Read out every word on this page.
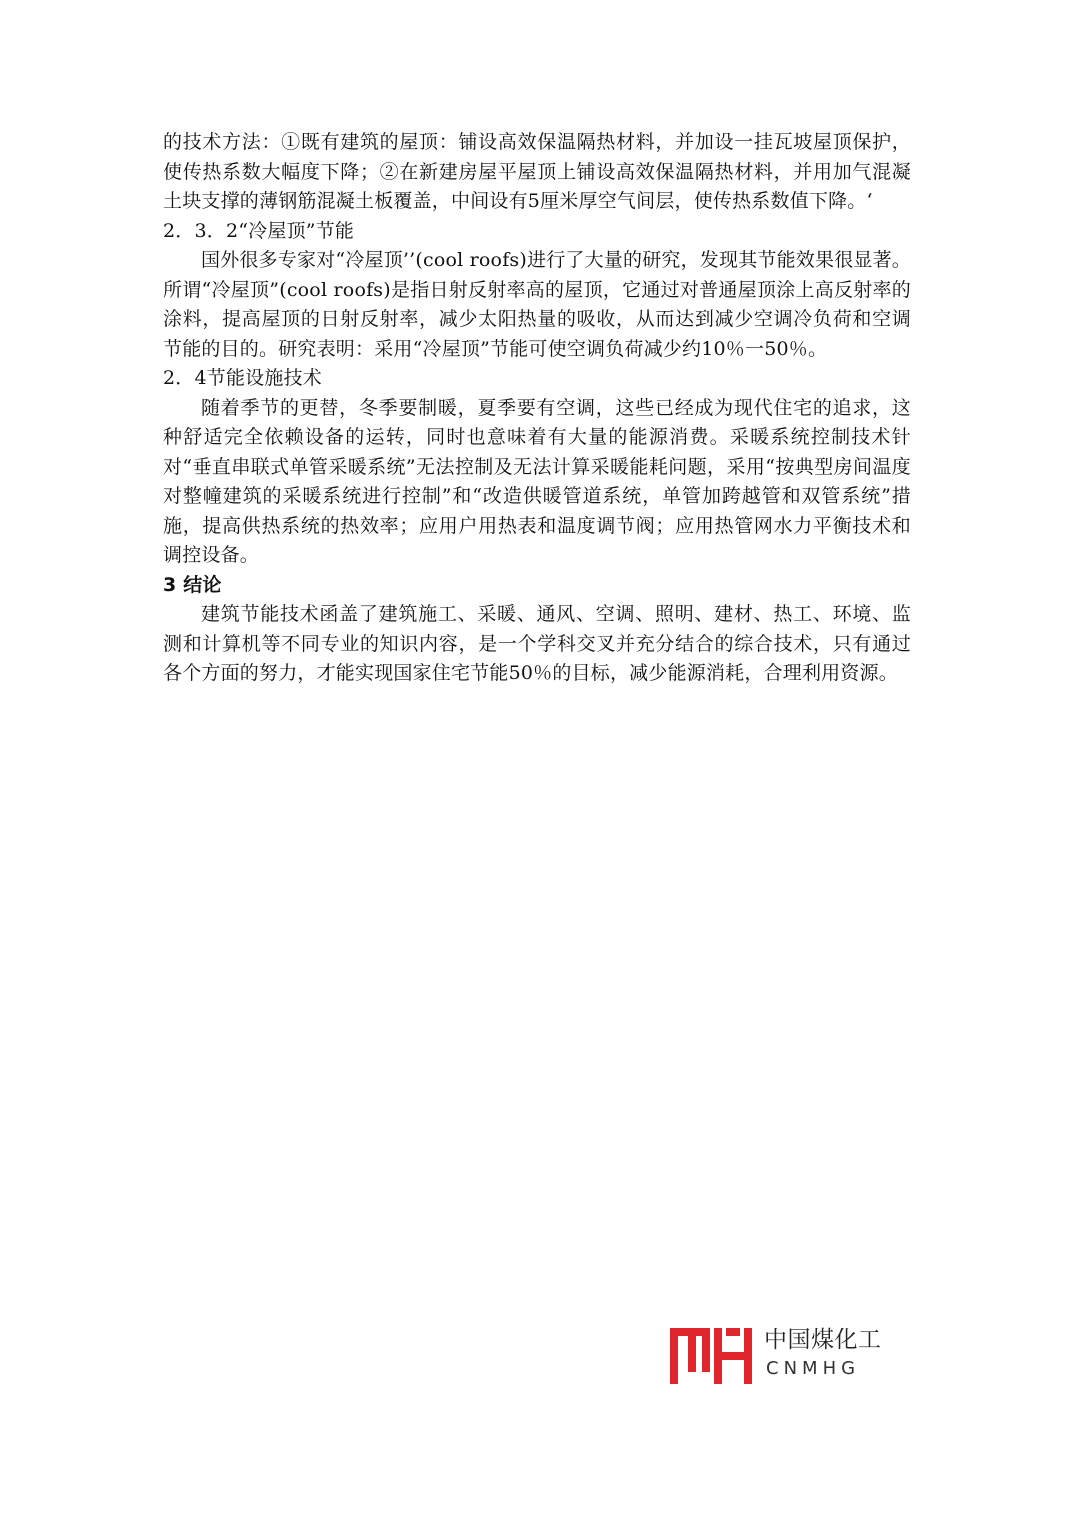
的技术方法：①既有建筑的屋顶：铺设高效保温隔热材料，并加设一挂瓦坡屋顶保护，使传热系数大幅度下降；②在新建房屋平屋顶上铺设高效保温隔热材料，并用加气混凝土块支撑的薄钢筋混凝土板覆盖，中间设有5厘米厚空气间层，使传热系数值下降。‘

2．3．2“冷屋顶”节能

国外很多专家对“冷屋顶’’(cool roofs)进行了大量的研究，发现其节能效果很显著。所谓“冷屋顶”(cool roofs)是指日射反射率高的屋顶，它通过对普通屋顶涂上高反射率的涂料，提高屋顶的日射反射率，减少太阳热量的吸收，从而达到减少空调冷负荷和空调节能的目的。研究表明：采用“冷屋顶”节能可使空调负荷减少约10％一50％。

2．4节能设施技术

随着季节的更替，冬季要制暖，夏季要有空调，这些已经成为现代住宅的追求，这种舒适完全依赖设备的运转，同时也意味着有大量的能源消费。采暖系统控制技术针对“垂直串联式单管采暖系统”无法控制及无法计算采暖能耗问题，采用“按典型房间温度对整幢建筑的采暖系统进行控制”和“改造供暖管道系统，单管加跨越管和双管系统”措施，提高供热系统的热效率；应用户用热表和温度调节阀；应用热管网水力平衡技术和调控设备。

3 结论

建筑节能技术函盖了建筑施工、采暖、通风、空调、照明、建材、热工、环境、监测和计算机等不同专业的知识内容，是一个学科交叉并充分结合的综合技术，只有通过各个方面的努力，才能实现国家住宅节能50％的目标，减少能源消耗，合理利用资源。

中国煤化工
CNMHG
